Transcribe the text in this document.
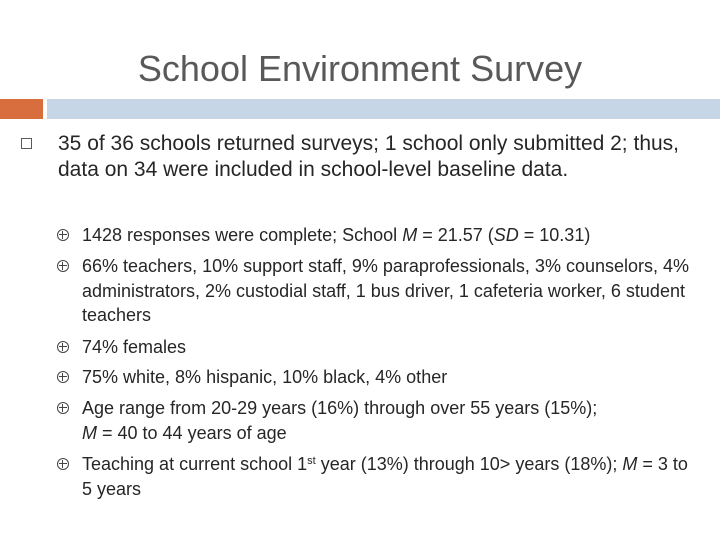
School Environment Survey
35 of 36 schools returned surveys; 1 school only submitted 2; thus, data on 34 were included in school-level baseline data.
1428 responses were complete; School M = 21.57 (SD = 10.31)
66% teachers, 10% support staff, 9% paraprofessionals, 3% counselors, 4% administrators, 2% custodial staff, 1 bus driver, 1 cafeteria worker, 6 student teachers
74% females
75% white, 8% hispanic, 10% black, 4% other
Age range from 20-29 years (16%) through over 55 years (15%);
M = 40 to 44 years of age
Teaching at current school 1st year (13%) through 10> years (18%); M = 3 to 5 years
